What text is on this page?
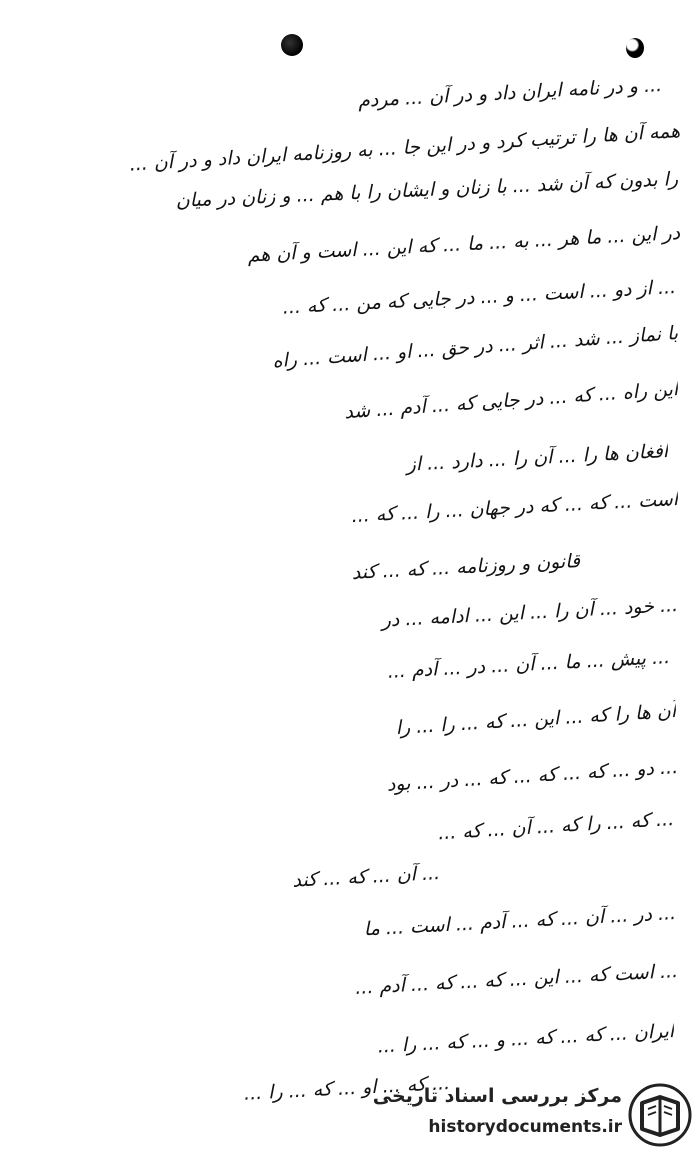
... و در نامه ایران داد و در آن ... مردم
همه آن ها را ترتیب کرد و در این جا ... به روزنامه ایران داد و در آن ...
را بدون که آن شد ... با زنان و ایشان را با هم ... و زنان در میان
در این ... ما هر ... به ... ما ... که این ... است و آن هم
... از دو ... است ... و ... در جایی که من ... که ...
با نماز ... شد ... اثر ... در حق ... او ... است ... راه
این راه ... که ... در جایی که ... آدم ... شد
افغان ها را ... آن را ... دارد ... از
است ... که ... که در جهان ... را ... که ...
قانون و روزنامه ... که ... کند
... خود ... آن را ... این ... ادامه ... در
... پیش ... ما ... آن ... در ... آدم ...
آن ها را که ... این ... که ... را ... را
... دو ... که ... که ... که ... در ... بود
... که ... را که ... آن ... که ...
... آن ... که ... کند
... در ... آن ... که ... آدم ... است ... ما
... است که ... این ... که ... که ... آدم ...
ایران ... که ... که ... و ... که ... را ...
... که ... او ... که ... را ...
مرکز بررسی اسناد تاریخی
historydocuments.ir
